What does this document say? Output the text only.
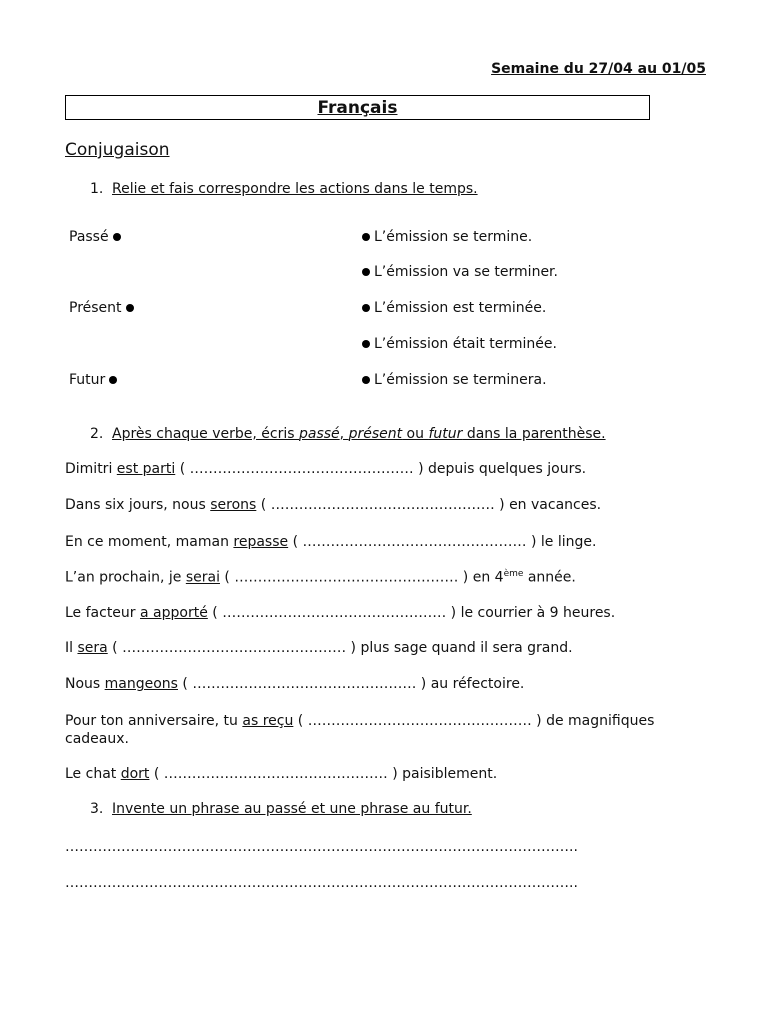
Semaine du 27/04 au 01/05
Français
Conjugaison
1. Relie et fais correspondre les actions dans le temps.
Passé
Présent
Futur
L’émission se termine.
L’émission va se terminer.
L’émission est terminée.
L’émission était terminée.
L’émission se terminera.
2. Après chaque verbe, écris passé, présent ou futur dans la parenthèse.
Dimitri est parti ( ………………………………………… ) depuis quelques jours.
Dans six jours, nous serons ( ………………………………………… ) en vacances.
En ce moment, maman repasse ( ………………………………………… ) le linge.
L’an prochain, je serai ( ………………………………………… ) en 4ème année.
Le facteur a apporté ( ………………………………………… ) le courrier à 9 heures.
Il sera ( ………………………………………… ) plus sage quand il sera grand.
Nous mangeons ( ………………………………………… ) au réfectoire.
Pour ton anniversaire, tu as reçu ( ………………………………………… ) de magnifiques cadeaux.
Le chat dort ( ………………………………………… ) paisiblement.
3. Invente un phrase au passé et une phrase au futur.
………………………………………………………………………………………………..
………………………………………………………………………………………………..
